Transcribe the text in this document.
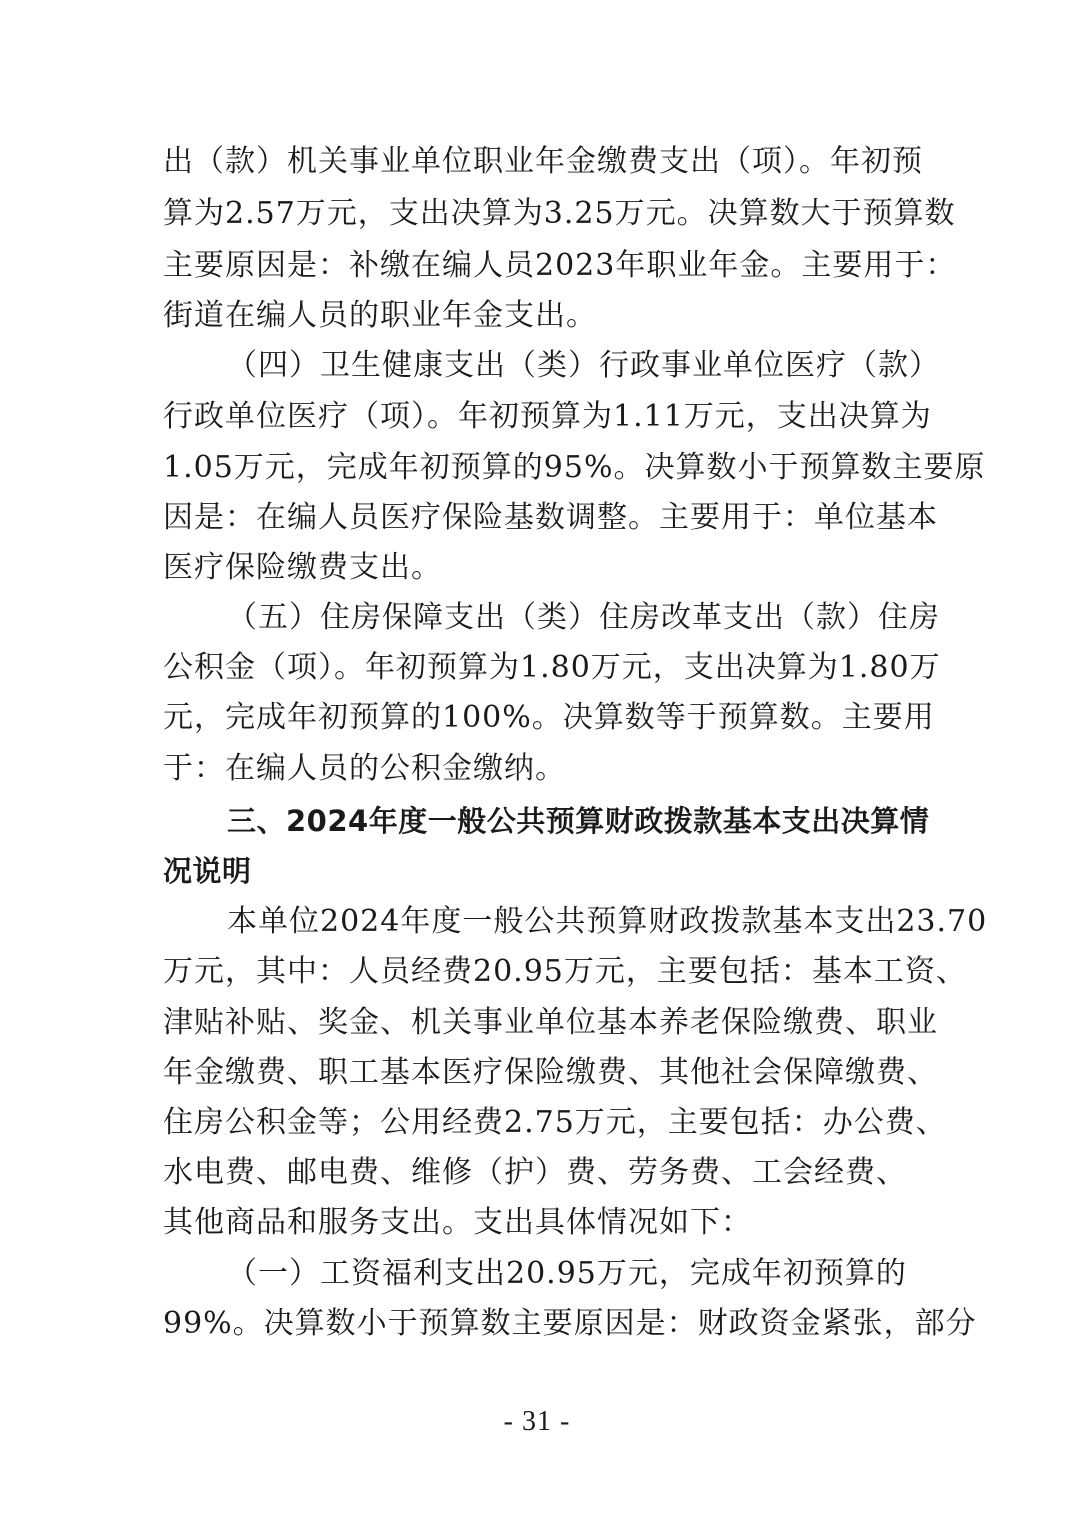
出（款）机关事业单位职业年金缴费支出（项）。年初预
算为2.57万元，支出决算为3.25万元。决算数大于预算数
主要原因是：补缴在编人员2023年职业年金。主要用于：
街道在编人员的职业年金支出。
（四）卫生健康支出（类）行政事业单位医疗（款）
行政单位医疗（项）。年初预算为1.11万元，支出决算为
1.05万元，完成年初预算的95%。决算数小于预算数主要原
因是：在编人员医疗保险基数调整。主要用于：单位基本
医疗保险缴费支出。
（五）住房保障支出（类）住房改革支出（款）住房
公积金（项）。年初预算为1.80万元，支出决算为1.80万
元，完成年初预算的100%。决算数等于预算数。主要用
于：在编人员的公积金缴纳。
三、2024年度一般公共预算财政拨款基本支出决算情
况说明
本单位2024年度一般公共预算财政拨款基本支出23.70
万元，其中：人员经费20.95万元，主要包括：基本工资、
津贴补贴、奖金、机关事业单位基本养老保险缴费、职业
年金缴费、职工基本医疗保险缴费、其他社会保障缴费、
住房公积金等；公用经费2.75万元，主要包括：办公费、
水电费、邮电费、维修（护）费、劳务费、工会经费、
其他商品和服务支出。支出具体情况如下：
（一）工资福利支出20.95万元，完成年初预算的
99%。决算数小于预算数主要原因是：财政资金紧张，部分
- 31 -
